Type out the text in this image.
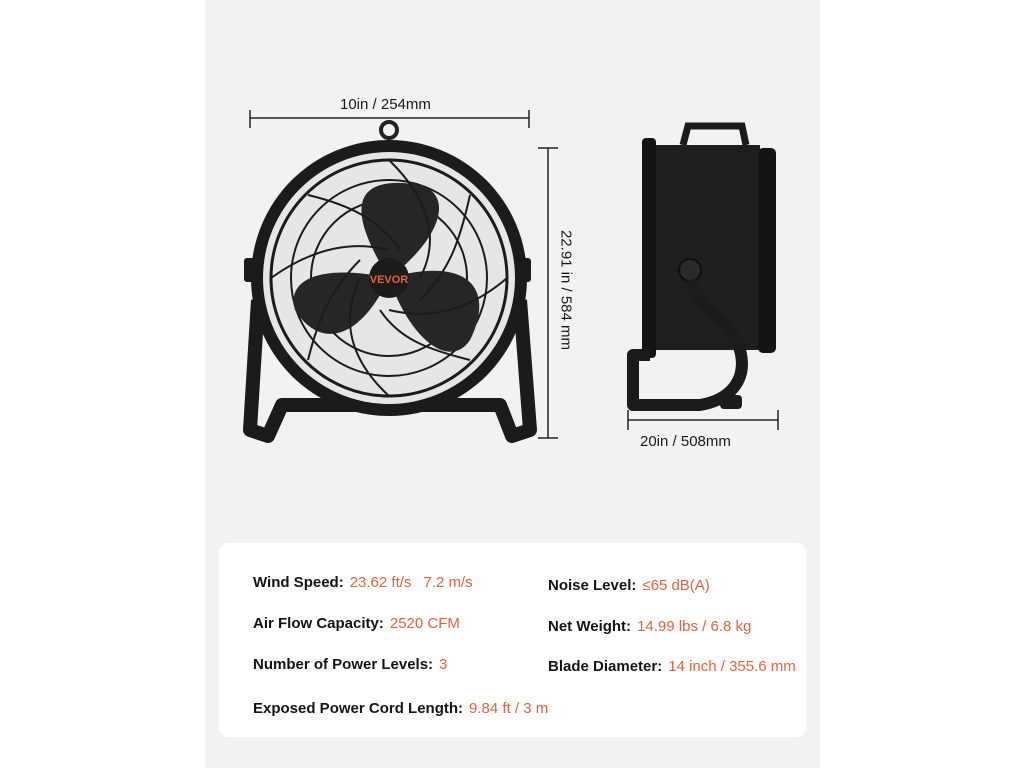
VEVOR
10in / 254mm
22.91 in / 584 mm
20in / 508mm
Wind Speed: 23.62 ft/s 7.2 m/s
Air Flow Capacity: 2520 CFM
Number of Power Levels: 3
Exposed Power Cord Length: 9.84 ft / 3 m
Noise Level: ≤65 dB(A)
Net Weight: 14.99 lbs / 6.8 kg
Blade Diameter: 14 inch / 355.6 mm
